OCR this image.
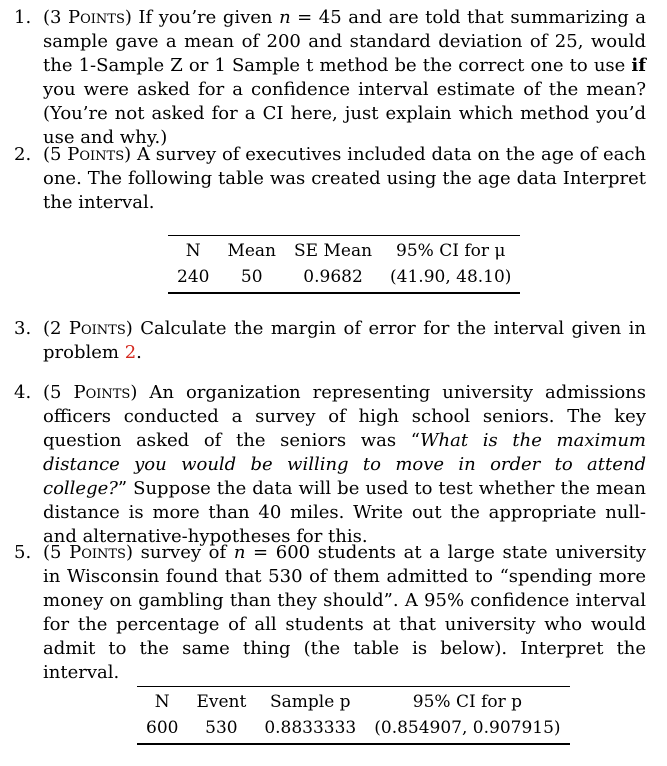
1. (3 Points) If you’re given n = 45 and are told that summarizing a sample gave a mean of 200 and standard deviation of 25, would the 1-Sample Z or 1 Sample t method be the correct one to use if you were asked for a confidence interval estimate of the mean? (You’re not asked for a CI here, just explain which method you’d use and why.)
2. (5 Points) A survey of executives included data on the age of each one. The following table was created using the age data Interpret the interval.
N	Mean	SE Mean	95% CI for μ
240	50	0.9682	(41.90, 48.10)
3. (2 Points) Calculate the margin of error for the interval given in problem 2.
4. (5 Points) An organization representing university admissions officers conducted a survey of high school seniors. The key question asked of the seniors was “What is the maximum distance you would be willing to move in order to attend college?” Suppose the data will be used to test whether the mean distance is more than 40 miles. Write out the appropriate null- and alternative-hypotheses for this.
5. (5 Points) survey of n = 600 students at a large state university in Wisconsin found that 530 of them admitted to “spending more money on gambling than they should”. A 95% confidence interval for the percentage of all students at that university who would admit to the same thing (the table is below). Interpret the interval.
N	Event	Sample p	95% CI for p
600	530	0.8833333	(0.854907, 0.907915)
